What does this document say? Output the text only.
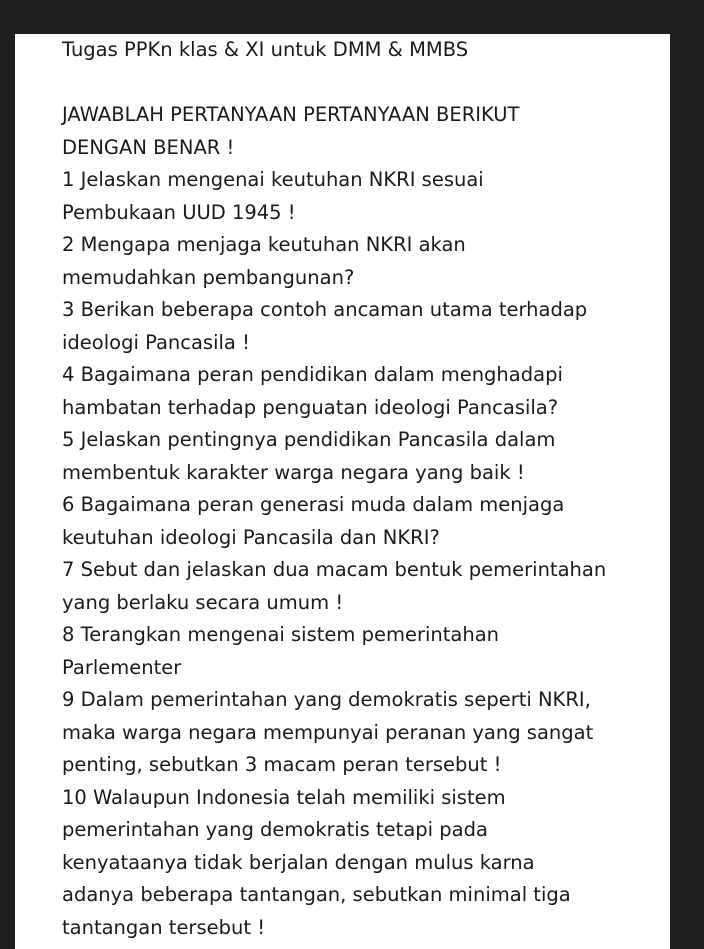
Tugas PPKn klas & XI untuk DMM & MMBS
JAWABLAH PERTANYAAN PERTANYAAN BERIKUT
DENGAN BENAR !
1 Jelaskan mengenai keutuhan NKRI sesuai
Pembukaan UUD 1945 !
2 Mengapa menjaga keutuhan NKRI akan
memudahkan pembangunan?
3 Berikan beberapa contoh ancaman utama terhadap
ideologi Pancasila !
4 Bagaimana peran pendidikan dalam menghadapi
hambatan terhadap penguatan ideologi Pancasila?
5 Jelaskan pentingnya pendidikan Pancasila dalam
membentuk karakter warga negara yang baik !
6 Bagaimana peran generasi muda dalam menjaga
keutuhan ideologi Pancasila dan NKRI?
7 Sebut dan jelaskan dua macam bentuk pemerintahan
yang berlaku secara umum !
8 Terangkan mengenai sistem pemerintahan
Parlementer
9 Dalam pemerintahan yang demokratis seperti NKRI,
maka warga negara mempunyai peranan yang sangat
penting, sebutkan 3 macam peran tersebut !
10 Walaupun Indonesia telah memiliki sistem
pemerintahan yang demokratis tetapi pada
kenyataanya tidak berjalan dengan mulus karna
adanya beberapa tantangan, sebutkan minimal tiga
tantangan tersebut !
